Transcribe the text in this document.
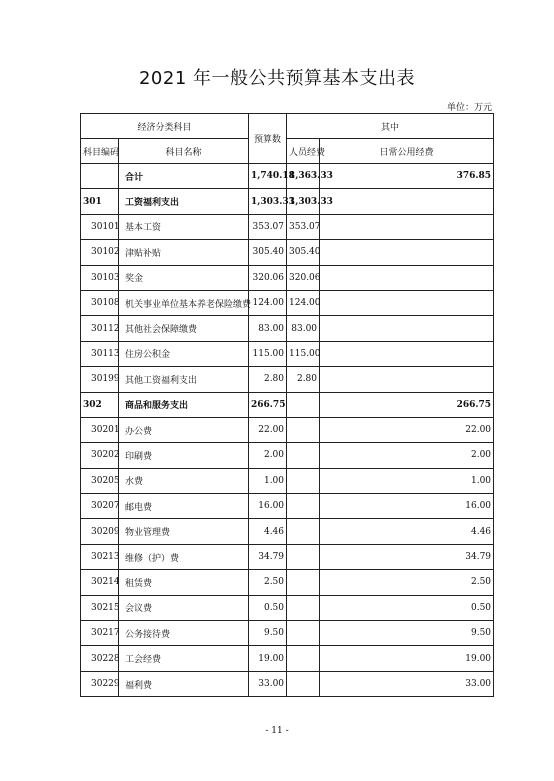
2021 年一般公共预算基本支出表
单位：万元
经济分类科目		预算数	其中	
科目编码	科目名称		人员经费	日常公用经费
	合计	1,740.18	1,363.33	376.85
301	工资福利支出	1,303.33	1,303.33	
30101	基本工资	353.07	353.07	
30102	津贴补贴	305.40	305.40	
30103	奖金	320.06	320.06	
30108	机关事业单位基本养老保险缴费	124.00	124.00	
30112	其他社会保障缴费	83.00	83.00	
30113	住房公积金	115.00	115.00	
30199	其他工资福利支出	2.80	2.80	
302	商品和服务支出	266.75		266.75
30201	办公费	22.00		22.00
30202	印刷费	2.00		2.00
30205	水费	1.00		1.00
30207	邮电费	16.00		16.00
30209	物业管理费	4.46		4.46
30213	维修（护）费	34.79		34.79
30214	租赁费	2.50		2.50
30215	会议费	0.50		0.50
30217	公务接待费	9.50		9.50
30228	工会经费	19.00		19.00
30229	福利费	33.00		33.00
- 11 -
